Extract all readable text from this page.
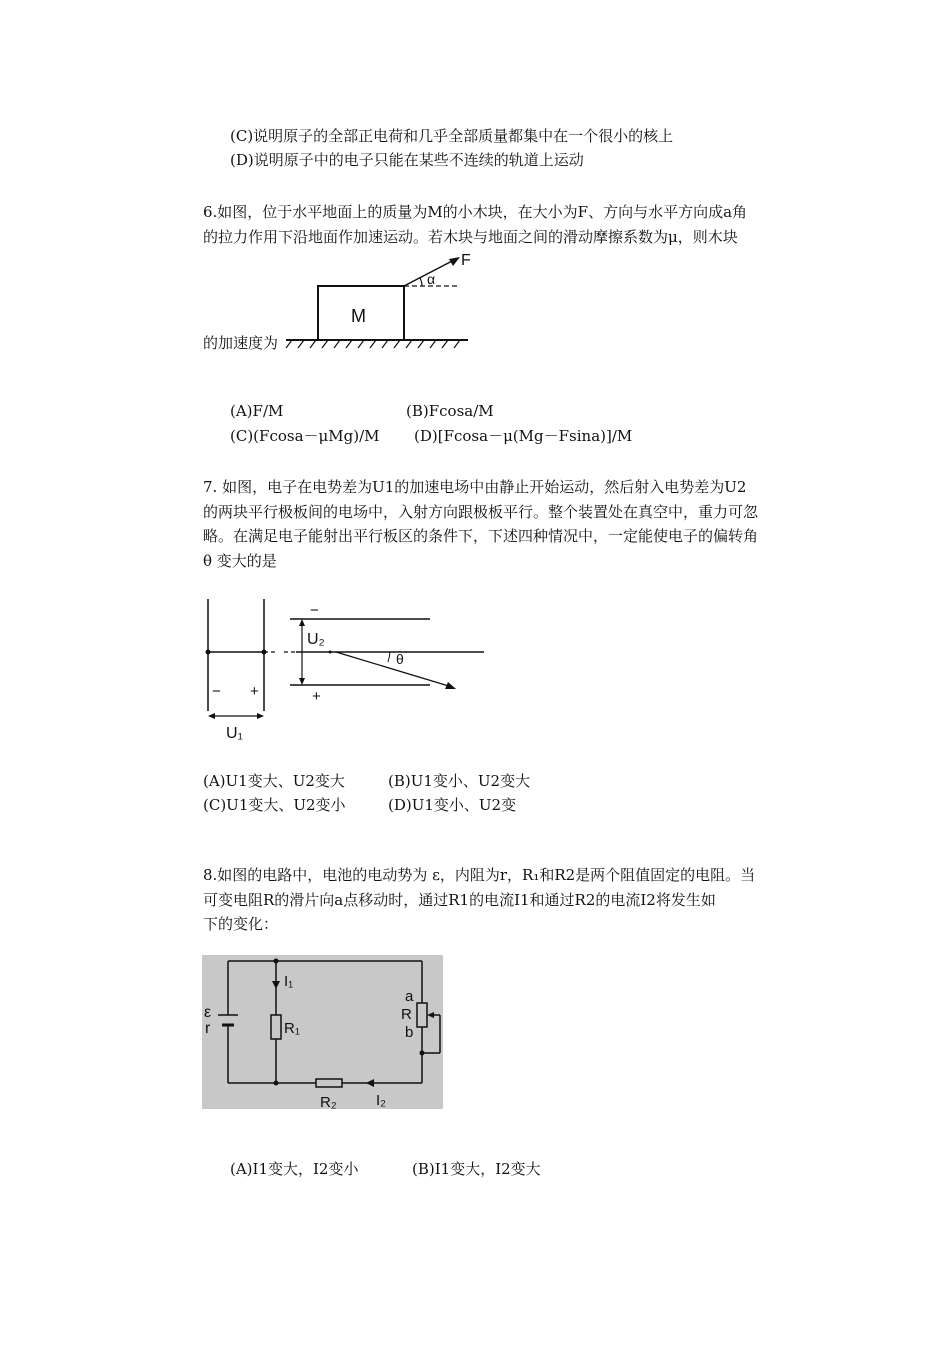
(C)说明原子的全部正电荷和几乎全部质量都集中在一个很小的核上
(D)说明原子中的电子只能在某些不连续的轨道上运动
6.如图，位于水平地面上的质量为M的小木块，在大小为F、方向与水平方向成a角
的拉力作用下沿地面作加速运动。若木块与地面之间的滑动摩擦系数为μ，则木块
M
F
α
的加速度为
(A)F/M	(B)Fcosa/M
(C)(Fcosa－μMg)/M (D)[Fcosa－μ(Mg－Fsina)]/M
7. 如图，电子在电势差为U1的加速电场中由静止开始运动，然后射入电势差为U2
的两块平行极板间的电场中，入射方向跟极板平行。整个装置处在真空中，重力可忽
略。在满足电子能射出平行板区的条件下，下述四种情况中，一定能使电子的偏转角
θ 变大的是
− +
U₁
−
+
U₂
θ
(A)U1变大、U2变大	(B)U1变小、U2变大
(C)U1变大、U2变小	(D)U1变小、U2变
8.如图的电路中，电池的电动势为 ε，内阻为r，R₁和R2是两个阻值固定的电阻。当
可变电阻R的滑片向a点移动时，通过R1的电流I1和通过R2的电流I2将发生如
下的变化：
I₁
R₁
a
R
b
ε
r
R₂	I₂
(A)I1变大，I2变小	(B)I1变大，I2变大
